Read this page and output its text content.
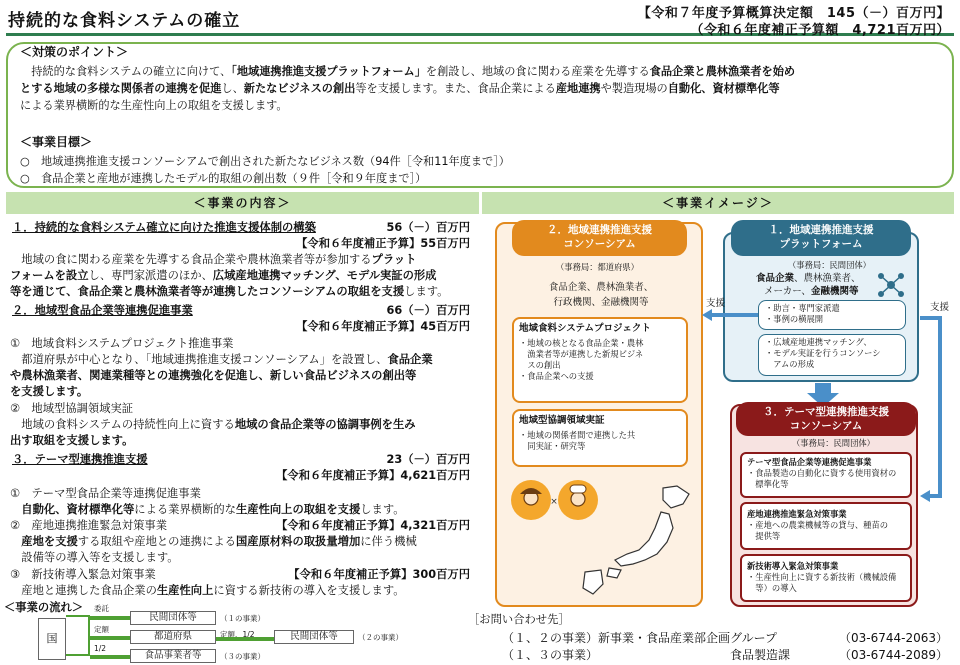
持続的な食料システムの確立	【令和７年度予算概算決定額　145（－）百万円】
（令和６年度補正予算額　4,721百万円）
＜対策のポイント＞
　持続的な食料システムの確立に向けて、「地域連携推進支援プラットフォーム」を創設し、地域の食に関わる産業を先導する食品企業と農林漁業者を始め
とする地域の多様な関係者の連携を促進し、新たなビジネスの創出等を支援します。また、食品企業による産地連携や製造現場の自動化、資材標準化等
による業界横断的な生産性向上の取組を支援します。
＜事業目標＞
○　地域連携推進支援コンソーシアムで創出された新たなビジネス数（94件［令和11年度まで］）
○　食品企業と産地が連携したモデル的取組の創出数（９件［令和９年度まで］）
＜事業の内容＞	＜事業イメージ＞
１．持続的な食料システム確立に向けた推進支援体制の構築	56（－）百万円
【令和６年度補正予算】55百万円
　地域の食に関わる産業を先導する食品企業や農林漁業者等が参加するプラット
フォームを設立し、専門家派遣のほか、広域産地連携マッチング、モデル実証の形成
等を通じて、食品企業と農林漁業者等が連携したコンソーシアムの取組を支援します。
２．地域型食品企業等連携促進事業	66（－）百万円
【令和６年度補正予算】45百万円
①　地域食料システムプロジェクト推進事業
　都道府県が中心となり、「地域連携推進支援コンソーシアム」を設置し、食品企業
や農林漁業者、関連業種等との連携強化を促進し、新しい食品ビジネスの創出等
を支援します。
②　地域型協調領域実証
　地域の食料システムの持続性向上に資する地域の食品企業等の協調事例を生み
出す取組を支援します。
３．テーマ型連携推進支援	23（－）百万円
【令和６年度補正予算】4,621百万円
①　テーマ型食品企業等連携促進事業
　自動化、資材標準化等による業界横断的な生産性向上の取組を支援します。
②　産地連携推進緊急対策事業	【令和６年度補正予算】4,321百万円
　産地を支援する取組や産地との連携による国産原材料の取扱量増加に伴う機械
　設備等の導入等を支援します。
③　新技術導入緊急対策事業	【令和６年度補正予算】300百万円
　産地と連携した食品企業の生産性向上に資する新技術の導入を支援します。
＜事業の流れ＞
国
委託
定額
1/2
民間団体等
都道府県
食品事業者等
（１の事業）
定額、1/2	民間団体等	（２の事業）
（３の事業）
［お問い合わせ先］
（１、２の事業）新事業・食品産業部企画グループ	（03-6744-2063）
（１、３の事業）	食品製造課	（03-6744-2089）
２．地域連携推進支援
コンソーシアム
（事務局：都道府県）
食品企業、農林漁業者、
行政機関、金融機関等
地域食料システムプロジェクト
・地域の核となる食品企業・農林
　漁業者等が連携した新規ビジネ
　スの創出
・食品企業への支援
地域型協調領域実証
・地域の関係者間で連携した共
　同実証・研究等
×
１．地域連携推進支援
プラットフォーム
（事務局：民間団体）
食品企業、農林漁業者、
メーカー、金融機関等
・助言・専門家派遣
・事例の横展開
・広域産地連携マッチング、
・モデル実証を行うコンソーシ
　アムの形成
支援	支援
３．テーマ型連携推進支援
コンソーシアム
（事務局：民間団体）
テーマ型食品企業等連携促進事業
・食品製造の自動化に資する使用資材の
　標準化等
産地連携推進緊急対策事業
・産地への農業機械等の貸与、種苗の
　提供等
新技術導入緊急対策事業
・生産性向上に資する新技術（機械設備
　等）の導入
